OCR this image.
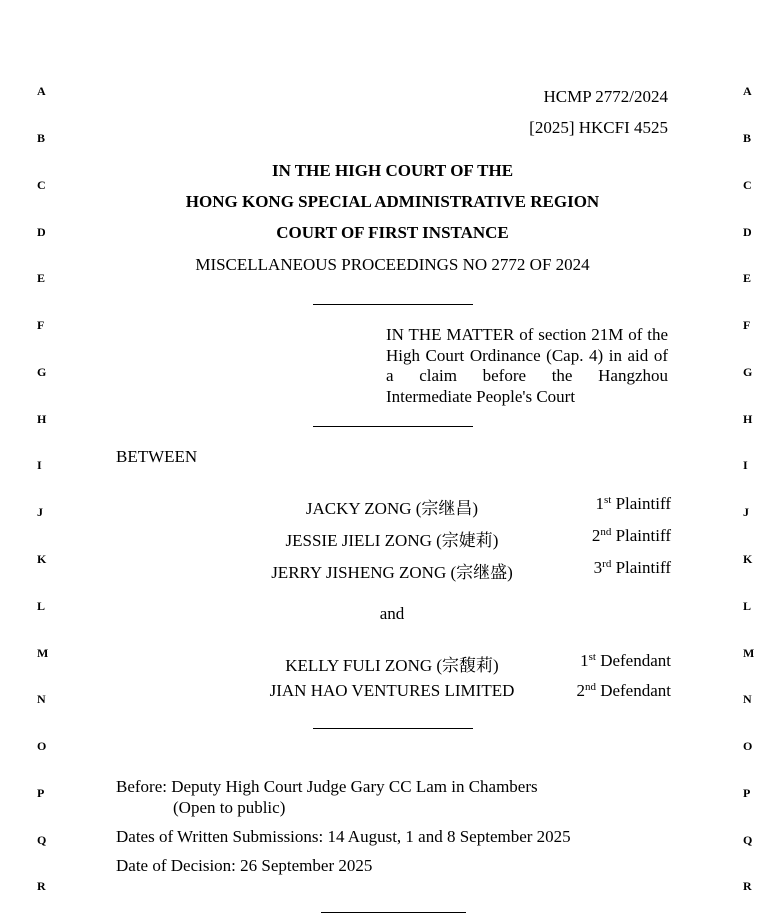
A
B
C
D
E
F
G
H
I
J
K
L
M
N
O
P
Q
R
A
B
C
D
E
F
G
H
I
J
K
L
M
N
O
P
Q
R
HCMP 2772/2024
[2025] HKCFI 4525
IN THE HIGH COURT OF THE
HONG KONG SPECIAL ADMINISTRATIVE REGION
COURT OF FIRST INSTANCE
MISCELLANEOUS PROCEEDINGS NO 2772 OF 2024
IN THE MATTER of section 21M of the High Court Ordinance (Cap. 4) in aid of a claim before the Hangzhou Intermediate People's Court
BETWEEN
JACKY ZONG (宗继昌)	1st Plaintiff
JESSIE JIELI ZONG (宗婕莉)	2nd Plaintiff
JERRY JISHENG ZONG (宗继盛)	3rd Plaintiff
and
KELLY FULI ZONG (宗馥莉)	1st Defendant
JIAN HAO VENTURES LIMITED	2nd Defendant
Before: Deputy High Court Judge Gary CC Lam in Chambers
(Open to public)
Dates of Written Submissions: 14 August, 1 and 8 September 2025
Date of Decision: 26 September 2025
